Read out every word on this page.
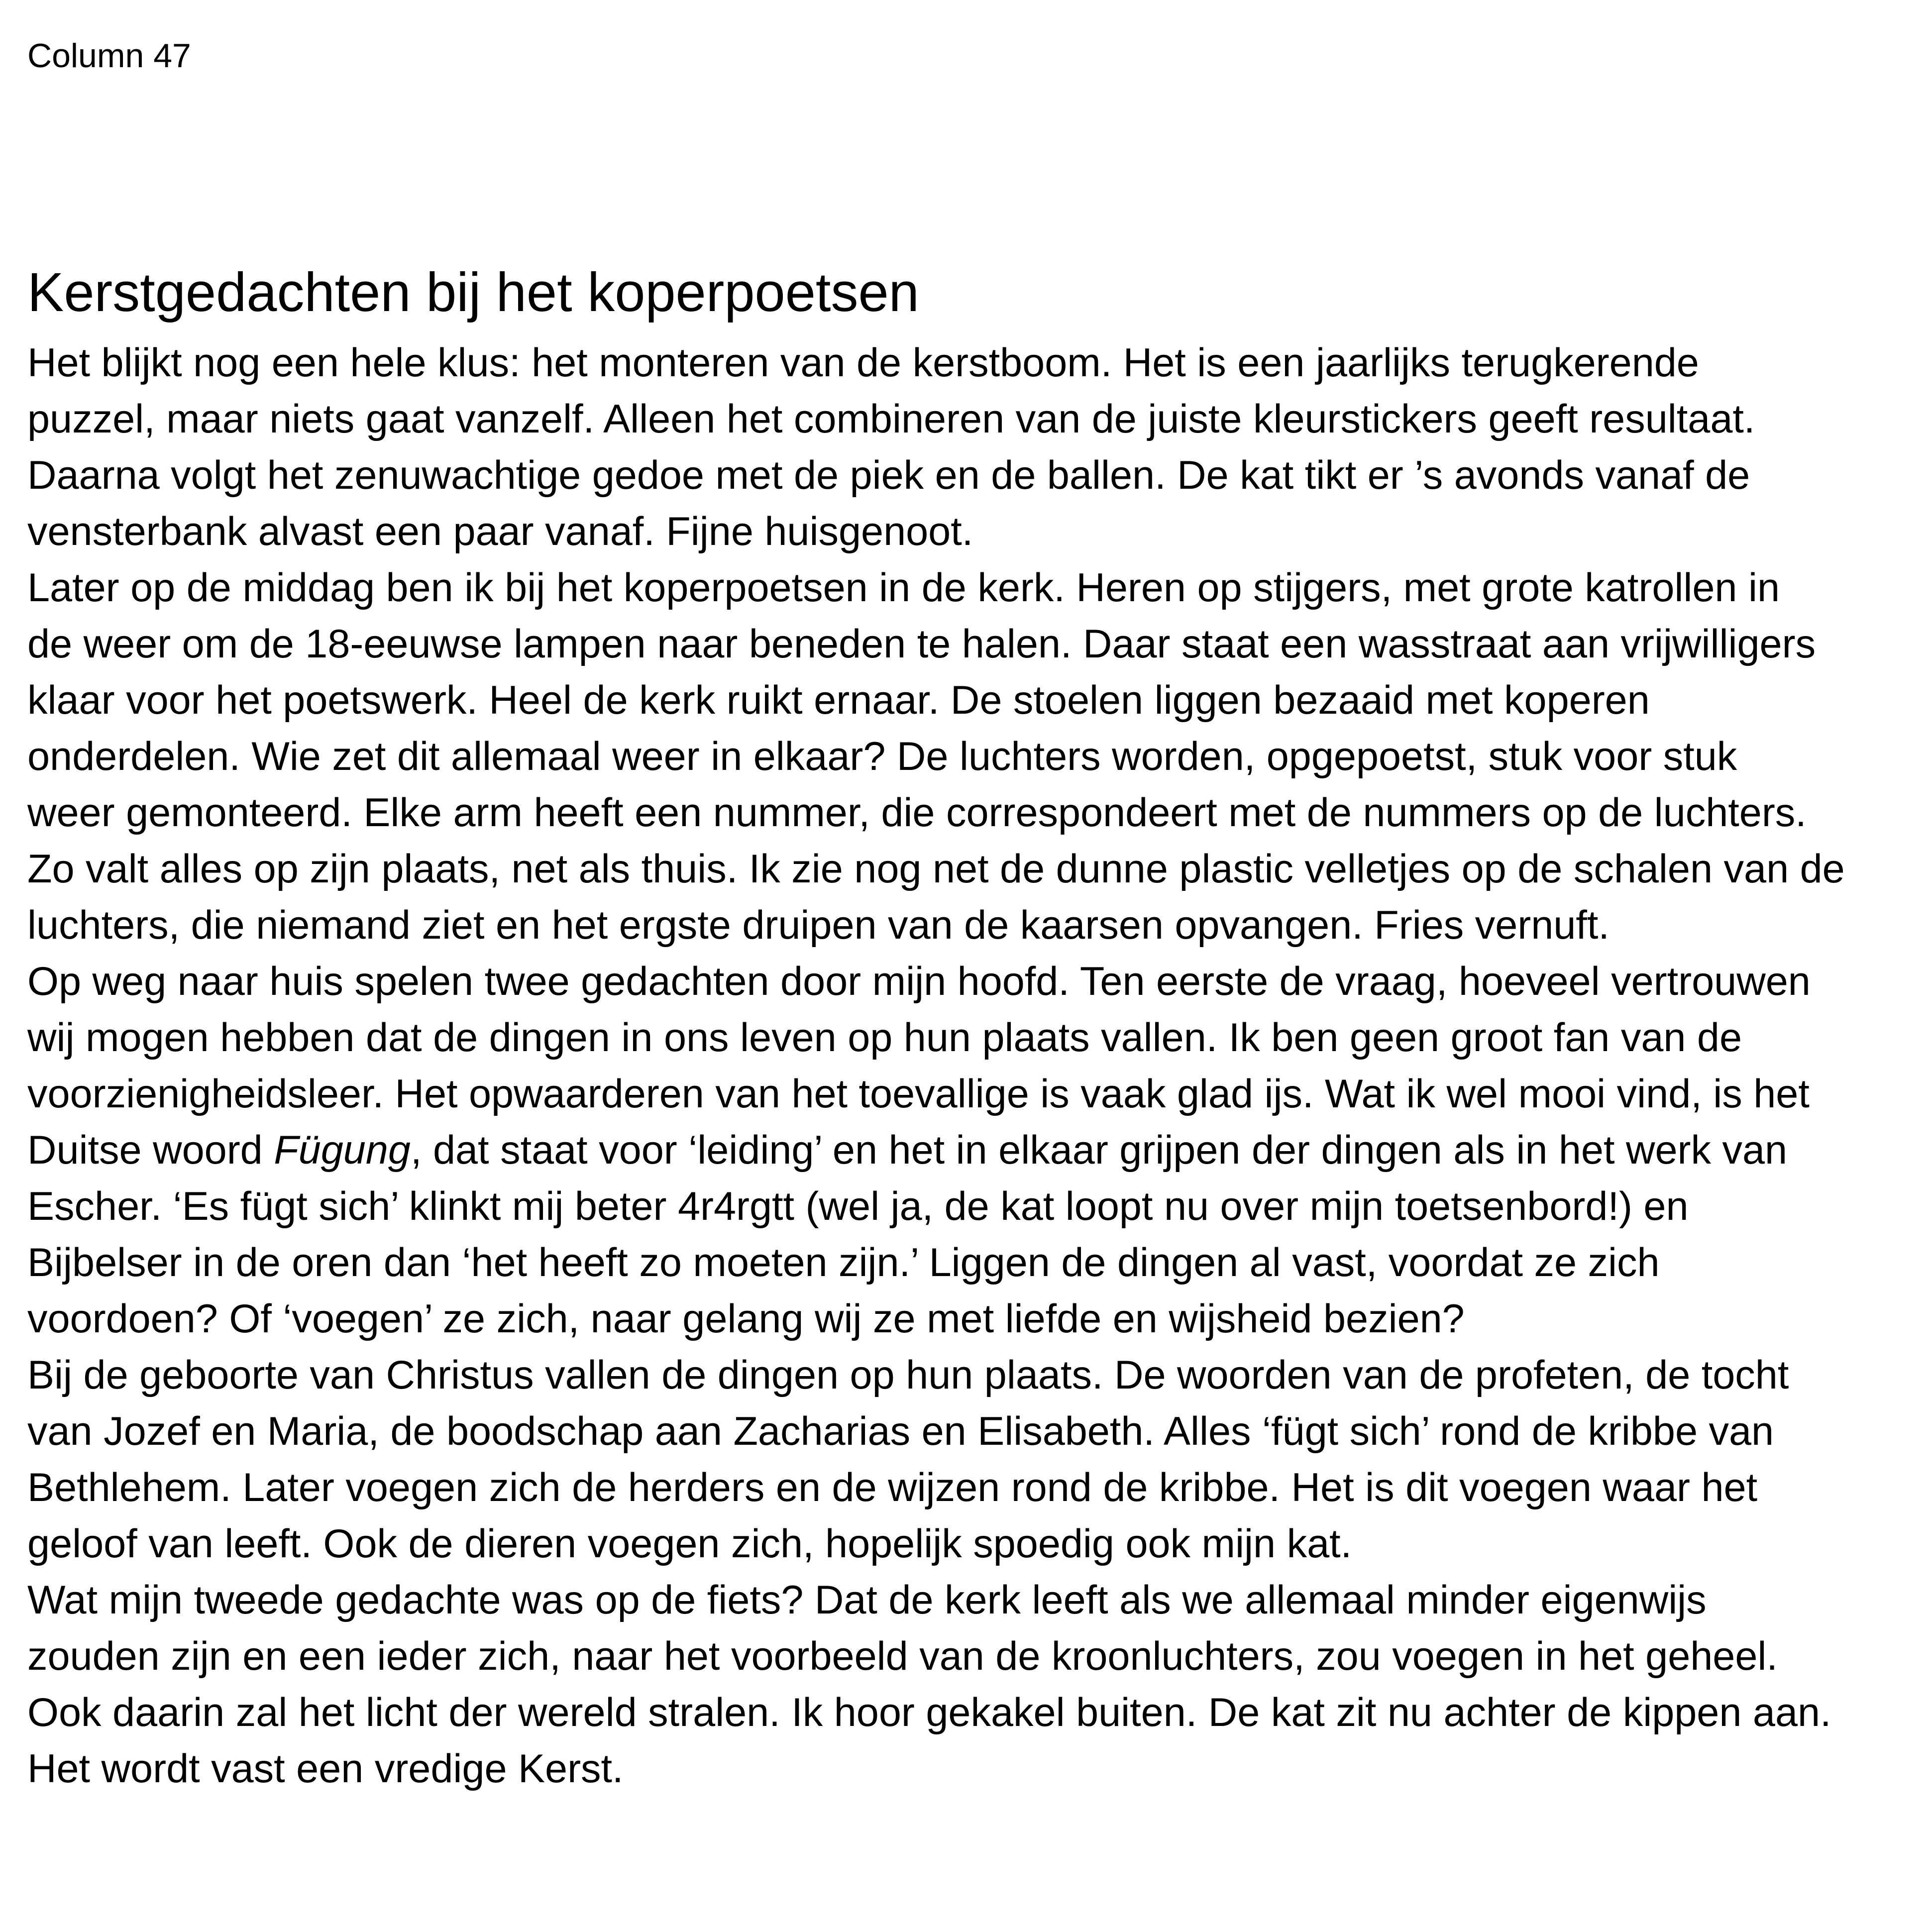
Column 47
Kerstgedachten bij het koperpoetsen
Het blijkt nog een hele klus: het monteren van de kerstboom. Het is een jaarlijks terugkerende
puzzel, maar niets gaat vanzelf. Alleen het combineren van de juiste kleurstickers geeft resultaat.
Daarna volgt het zenuwachtige gedoe met de piek en de ballen. De kat tikt er ’s avonds vanaf de
vensterbank alvast een paar vanaf. Fijne huisgenoot.
Later op de middag ben ik bij het koperpoetsen in de kerk. Heren op stijgers, met grote katrollen in
de weer om de 18-eeuwse lampen naar beneden te halen. Daar staat een wasstraat aan vrijwilligers
klaar voor het poetswerk. Heel de kerk ruikt ernaar. De stoelen liggen bezaaid met koperen
onderdelen. Wie zet dit allemaal weer in elkaar? De luchters worden, opgepoetst, stuk voor stuk
weer gemonteerd. Elke arm heeft een nummer, die correspondeert met de nummers op de luchters.
Zo valt alles op zijn plaats, net als thuis. Ik zie nog net de dunne plastic velletjes op de schalen van de
luchters, die niemand ziet en het ergste druipen van de kaarsen opvangen. Fries vernuft.
Op weg naar huis spelen twee gedachten door mijn hoofd. Ten eerste de vraag, hoeveel vertrouwen
wij mogen hebben dat de dingen in ons leven op hun plaats vallen. Ik ben geen groot fan van de
voorzienigheidsleer. Het opwaarderen van het toevallige is vaak glad ijs. Wat ik wel mooi vind, is het
Duitse woord Fügung, dat staat voor ‘leiding’ en het in elkaar grijpen der dingen als in het werk van
Escher. ‘Es fügt sich’ klinkt mij beter 4r4rgtt (wel ja, de kat loopt nu over mijn toetsenbord!) en
Bijbelser in de oren dan ‘het heeft zo moeten zijn.’ Liggen de dingen al vast, voordat ze zich
voordoen? Of ‘voegen’ ze zich, naar gelang wij ze met liefde en wijsheid bezien?
Bij de geboorte van Christus vallen de dingen op hun plaats. De woorden van de profeten, de tocht
van Jozef en Maria, de boodschap aan Zacharias en Elisabeth. Alles ‘fügt sich’ rond de kribbe van
Bethlehem. Later voegen zich de herders en de wijzen rond de kribbe. Het is dit voegen waar het
geloof van leeft. Ook de dieren voegen zich, hopelijk spoedig ook mijn kat.
Wat mijn tweede gedachte was op de fiets? Dat de kerk leeft als we allemaal minder eigenwijs
zouden zijn en een ieder zich, naar het voorbeeld van de kroonluchters, zou voegen in het geheel.
Ook daarin zal het licht der wereld stralen. Ik hoor gekakel buiten. De kat zit nu achter de kippen aan.
Het wordt vast een vredige Kerst.
